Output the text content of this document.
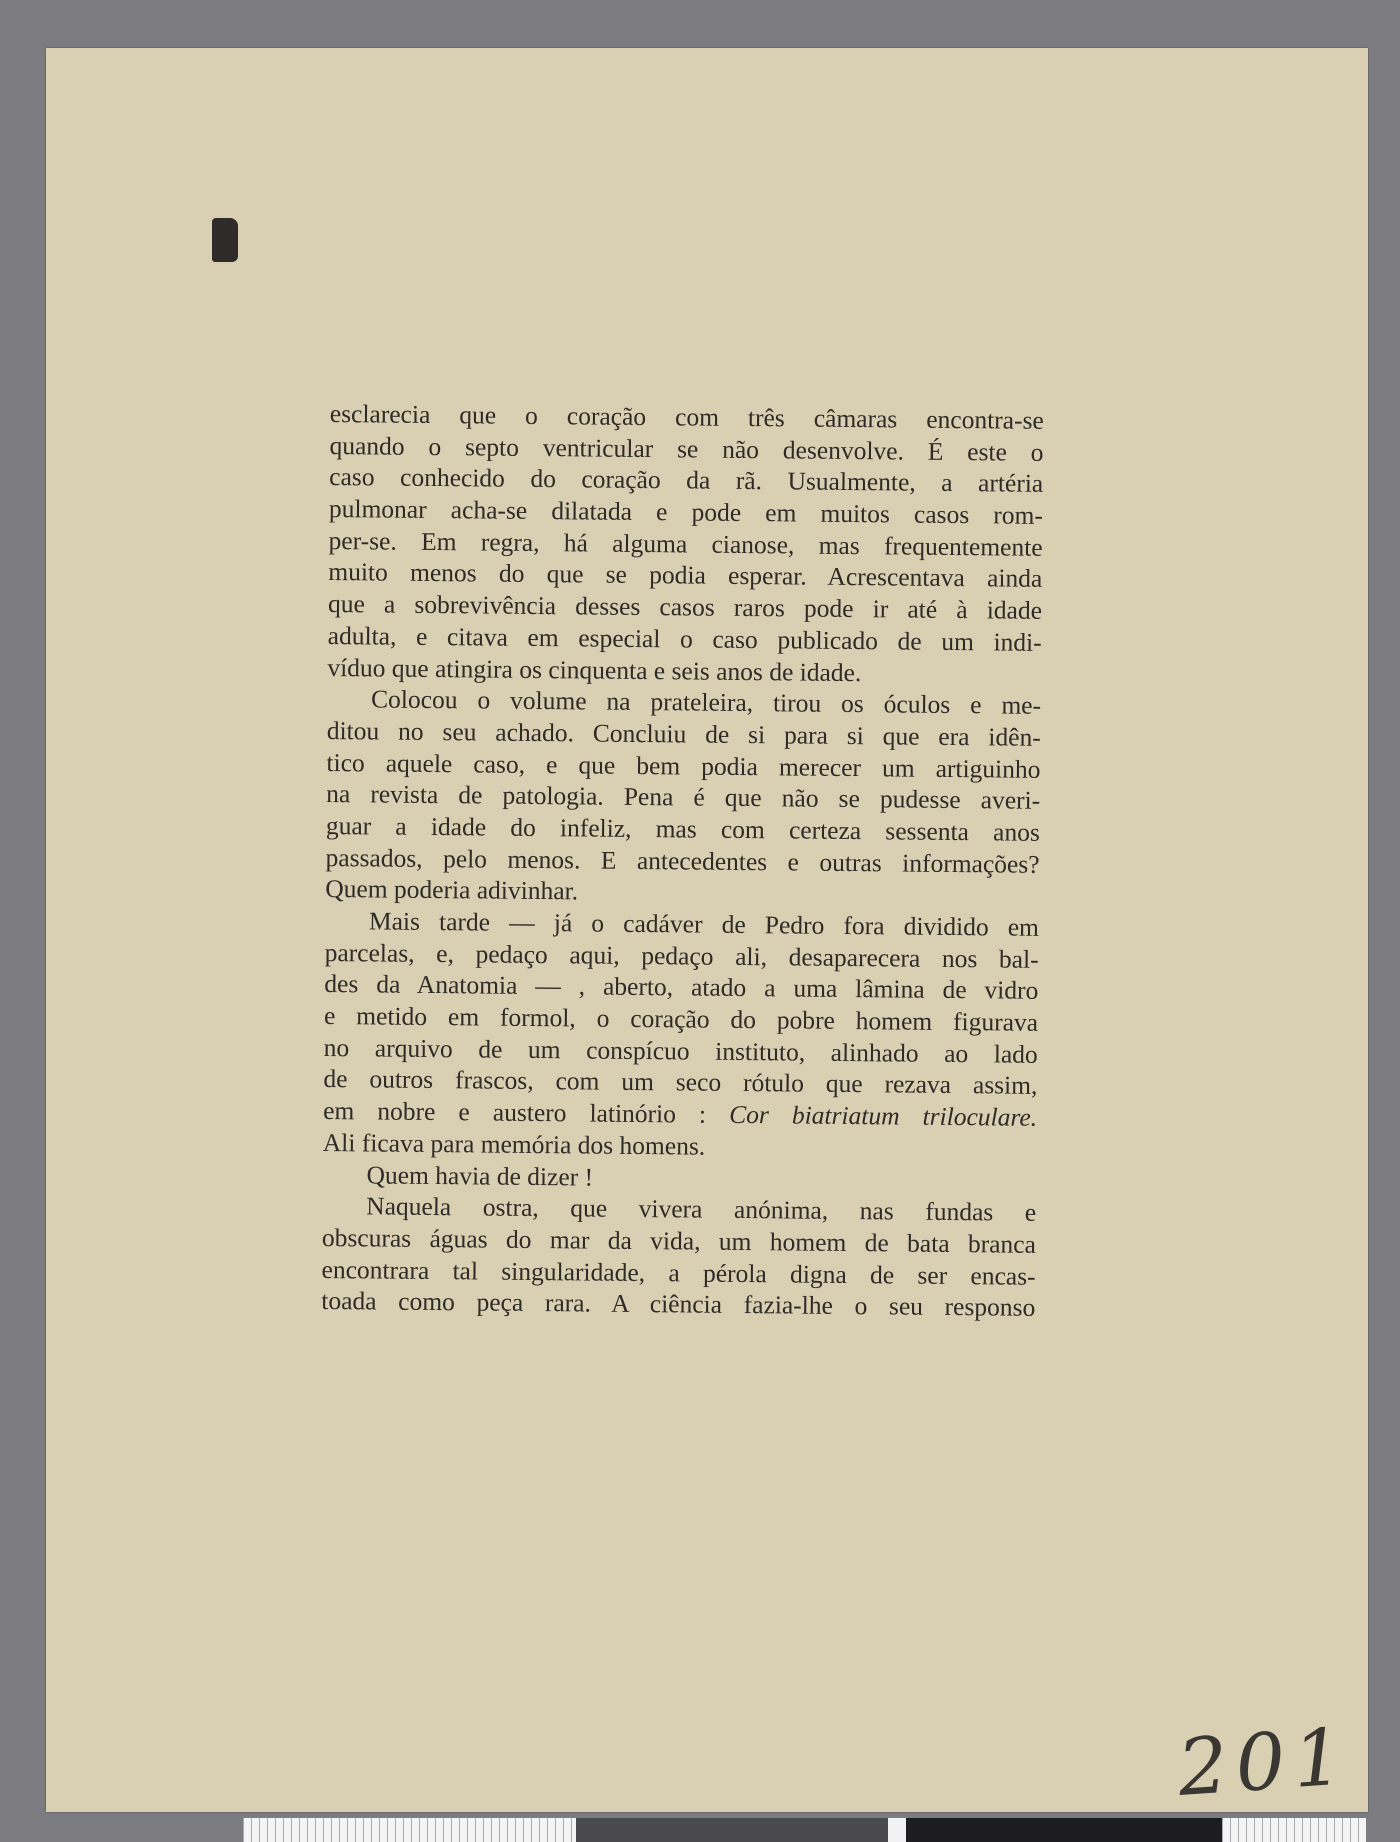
esclarecia que o coração com três câmaras encontra-se
quando o septo ventricular se não desenvolve. É este o
caso conhecido do coração da rã. Usualmente, a artéria
pulmonar acha-se dilatada e pode em muitos casos rom-
per-se. Em regra, há alguma cianose, mas frequentemente
muito menos do que se podia esperar. Acrescentava ainda
que a sobrevivência desses casos raros pode ir até à idade
adulta, e citava em especial o caso publicado de um indi-
víduo que atingira os cinquenta e seis anos de idade.
Colocou o volume na prateleira, tirou os óculos e me-
ditou no seu achado. Concluiu de si para si que era idên-
tico aquele caso, e que bem podia merecer um artiguinho
na revista de patologia. Pena é que não se pudesse averi-
guar a idade do infeliz, mas com certeza sessenta anos
passados, pelo menos. E antecedentes e outras informações?
Quem poderia adivinhar.
Mais tarde — já o cadáver de Pedro fora dividido em
parcelas, e, pedaço aqui, pedaço ali, desaparecera nos bal-
des da Anatomia — , aberto, atado a uma lâmina de vidro
e metido em formol, o coração do pobre homem figurava
no arquivo de um conspícuo instituto, alinhado ao lado
de outros frascos, com um seco rótulo que rezava assim,
em nobre e austero latinório : Cor biatriatum triloculare.
Ali ficava para memória dos homens.
Quem havia de dizer !
Naquela ostra, que vivera anónima, nas fundas e
obscuras águas do mar da vida, um homem de bata branca
encontrara tal singularidade, a pérola digna de ser encas-
toada como peça rara. A ciência fazia-lhe o seu responso
201
